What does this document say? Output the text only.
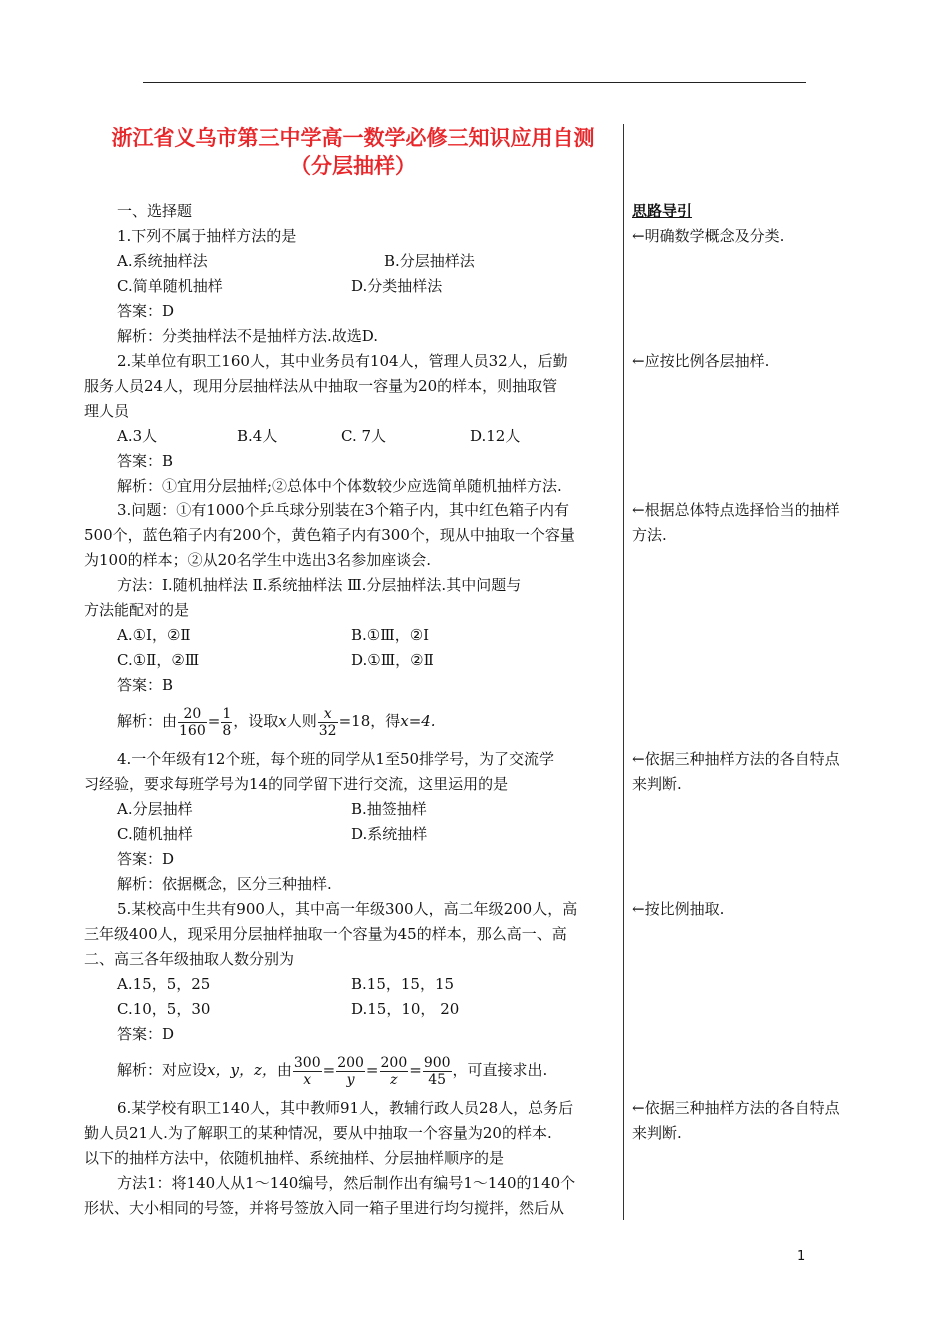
浙江省义乌市第三中学高一数学必修三知识应用自测
（分层抽样）
思路导引
一、选择题
1.下列不属于抽样方法的是
A.系统抽样法	B.分层抽样法
C.简单随机抽样	D.分类抽样法
答案：D
解析：分类抽样法不是抽样方法.故选D.
←明确数学概念及分类.
2.某单位有职工160人，其中业务员有104人，管理人员32人，后勤
服务人员24人，现用分层抽样法从中抽取一容量为20的样本，则抽取管
理人员
A.3人	B.4人	C. 7人	D.12人
答案：B
解析：①宜用分层抽样;②总体中个体数较少应选简单随机抽样方法.
←应按比例各层抽样.
3.问题：①有1000个乒乓球分别装在3个箱子内，其中红色箱子内有
500个，蓝色箱子内有200个，黄色箱子内有300个，现从中抽取一个容量
为100的样本；②从20名学生中选出3名参加座谈会.
方法：Ⅰ.随机抽样法 Ⅱ.系统抽样法 Ⅲ.分层抽样法.其中问题与
方法能配对的是
A.①Ⅰ，②Ⅱ	B.①Ⅲ，②Ⅰ
C.①Ⅱ，②Ⅲ	D.①Ⅲ，②Ⅱ
答案：B
解析：由 $\frac{20}{160} = \frac{1}{8}$ ，设取x人则 $\frac{x}{32} =18$，得x=4.
←根据总体特点选择恰当的抽样
方法.
4.一个年级有12个班，每个班的同学从1至50排学号，为了交流学
习经验，要求每班学号为14的同学留下进行交流，这里运用的是
A.分层抽样	B.抽签抽样
C.随机抽样	D.系统抽样
答案：D
解析：依据概念，区分三种抽样.
←依据三种抽样方法的各自特点
来判断.
5.某校高中生共有900人，其中高一年级300人，高二年级200人，高
三年级400人，现采用分层抽样抽取一个容量为45的样本，那么高一、高
二、高三各年级抽取人数分别为
A.15，5，25	B.15，15，15
C.10，5，30	D.15，10， 20
答案：D
解析：对应设x，y，z，由 $\frac{300}{x} = \frac{200}{y} = \frac{200}{z} = \frac{900}{45}$ ，可直接求出.
←按比例抽取.
6.某学校有职工140人，其中教师91人，教辅行政人员28人，总务后
勤人员21人.为了解职工的某种情况，要从中抽取一个容量为20的样本.
以下的抽样方法中，依随机抽样、系统抽样、分层抽样顺序的是
方法1：将140人从1～140编号，然后制作出有编号1～140的140个
形状、大小相同的号签，并将号签放入同一箱子里进行均匀搅拌，然后从
←依据三种抽样方法的各自特点
来判断.
1
